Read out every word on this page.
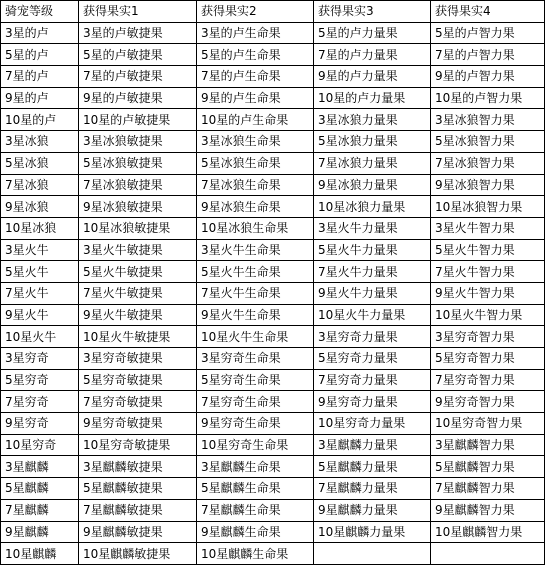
骑宠等级	获得果实1	获得果实2	获得果实3	获得果实4
3星的卢	3星的卢敏捷果	3星的卢生命果	5星的卢力量果	5星的卢智力果
5星的卢	5星的卢敏捷果	5星的卢生命果	7星的卢力量果	7星的卢智力果
7星的卢	7星的卢敏捷果	7星的卢生命果	9星的卢力量果	9星的卢智力果
9星的卢	9星的卢敏捷果	9星的卢生命果	10星的卢力量果	10星的卢智力果
10星的卢	10星的卢敏捷果	10星的卢生命果	3星冰狼力量果	3星冰狼智力果
3星冰狼	3星冰狼敏捷果	3星冰狼生命果	5星冰狼力量果	5星冰狼智力果
5星冰狼	5星冰狼敏捷果	5星冰狼生命果	7星冰狼力量果	7星冰狼智力果
7星冰狼	7星冰狼敏捷果	7星冰狼生命果	9星冰狼力量果	9星冰狼智力果
9星冰狼	9星冰狼敏捷果	9星冰狼生命果	10星冰狼力量果	10星冰狼智力果
10星冰狼	10星冰狼敏捷果	10星冰狼生命果	3星火牛力量果	3星火牛智力果
3星火牛	3星火牛敏捷果	3星火牛生命果	5星火牛力量果	5星火牛智力果
5星火牛	5星火牛敏捷果	5星火牛生命果	7星火牛力量果	7星火牛智力果
7星火牛	7星火牛敏捷果	7星火牛生命果	9星火牛力量果	9星火牛智力果
9星火牛	9星火牛敏捷果	9星火牛生命果	10星火牛力量果	10星火牛智力果
10星火牛	10星火牛敏捷果	10星火牛生命果	3星穷奇力量果	3星穷奇智力果
3星穷奇	3星穷奇敏捷果	3星穷奇生命果	5星穷奇力量果	5星穷奇智力果
5星穷奇	5星穷奇敏捷果	5星穷奇生命果	7星穷奇力量果	7星穷奇智力果
7星穷奇	7星穷奇敏捷果	7星穷奇生命果	9星穷奇力量果	9星穷奇智力果
9星穷奇	9星穷奇敏捷果	9星穷奇生命果	10星穷奇力量果	10星穷奇智力果
10星穷奇	10星穷奇敏捷果	10星穷奇生命果	3星麒麟力量果	3星麒麟智力果
3星麒麟	3星麒麟敏捷果	3星麒麟生命果	5星麒麟力量果	5星麒麟智力果
5星麒麟	5星麒麟敏捷果	5星麒麟生命果	7星麒麟力量果	7星麒麟智力果
7星麒麟	7星麒麟敏捷果	7星麒麟生命果	9星麒麟力量果	9星麒麟智力果
9星麒麟	9星麒麟敏捷果	9星麒麟生命果	10星麒麟力量果	10星麒麟智力果
10星麒麟	10星麒麟敏捷果	10星麒麟生命果		
